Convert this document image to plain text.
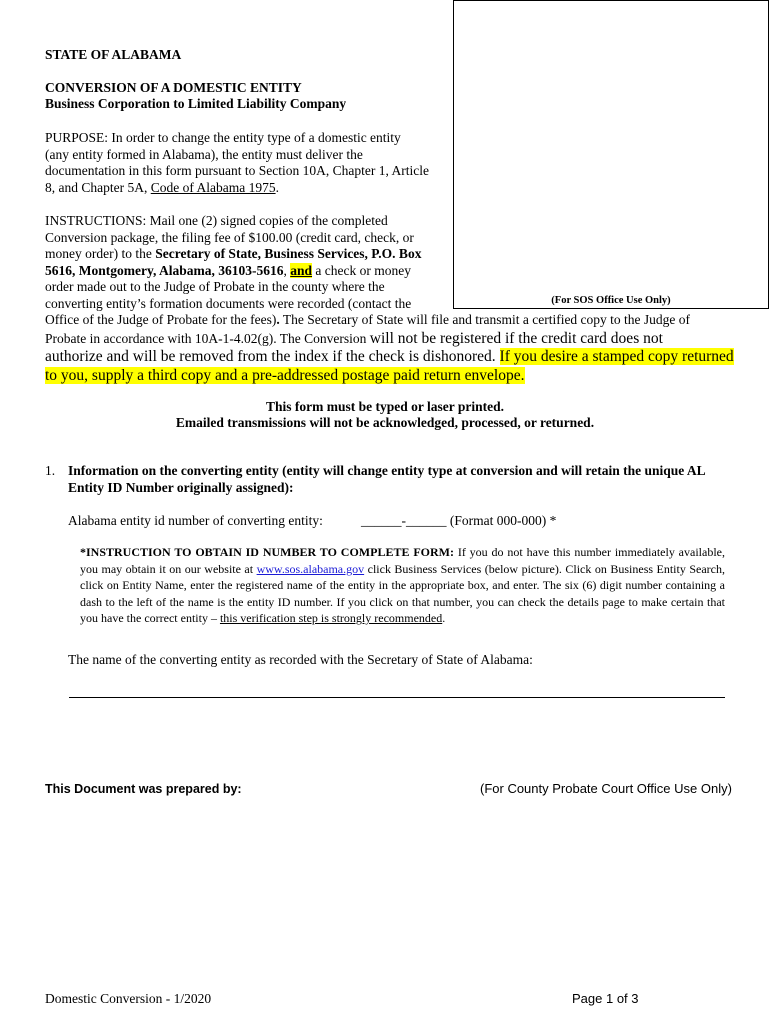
(For SOS Office Use Only)
STATE OF ALABAMA
CONVERSION OF A DOMESTIC ENTITY
Business Corporation to Limited Liability Company
PURPOSE: In order to change the entity type of a domestic entity
(any entity formed in Alabama), the entity must deliver the
documentation in this form pursuant to Section 10A, Chapter 1, Article
8, and Chapter 5A, Code of Alabama 1975.
INSTRUCTIONS: Mail one (2) signed copies of the completed
Conversion package, the filing fee of $100.00 (credit card, check, or
money order) to the Secretary of State, Business Services, P.O. Box
5616, Montgomery, Alabama, 36103-5616, and a check or money
order made out to the Judge of Probate in the county where the
converting entity’s formation documents were recorded (contact the
Office of the Judge of Probate for the fees). The Secretary of State will file and transmit a certified copy to the Judge of
Probate in accordance with 10A-1-4.02(g). The Conversion will not be registered if the credit card does not
authorize and will be removed from the index if the check is dishonored. If you desire a stamped copy returned
to you, supply a third copy and a pre-addressed postage paid return envelope.
This form must be typed or laser printed.
Emailed transmissions will not be acknowledged, processed, or returned.
1. Information on the converting entity (entity will change entity type at conversion and will retain the unique AL
Entity ID Number originally assigned):
Alabama entity id number of converting entity:	______-______ (Format 000-000) *
*INSTRUCTION TO OBTAIN ID NUMBER TO COMPLETE FORM: If you do not have this number immediately available, you may obtain it on our website at www.sos.alabama.gov click Business Services (below picture). Click on Business Entity Search, click on Entity Name, enter the registered name of the entity in the appropriate box, and enter. The six (6) digit number containing a dash to the left of the name is the entity ID number. If you click on that number, you can check the details page to make certain that you have the correct entity – this verification step is strongly recommended.
The name of the converting entity as recorded with the Secretary of State of Alabama:
This Document was prepared by:	(For County Probate Court Office Use Only)
Domestic Conversion - 1/2020	Page 1 of 3
